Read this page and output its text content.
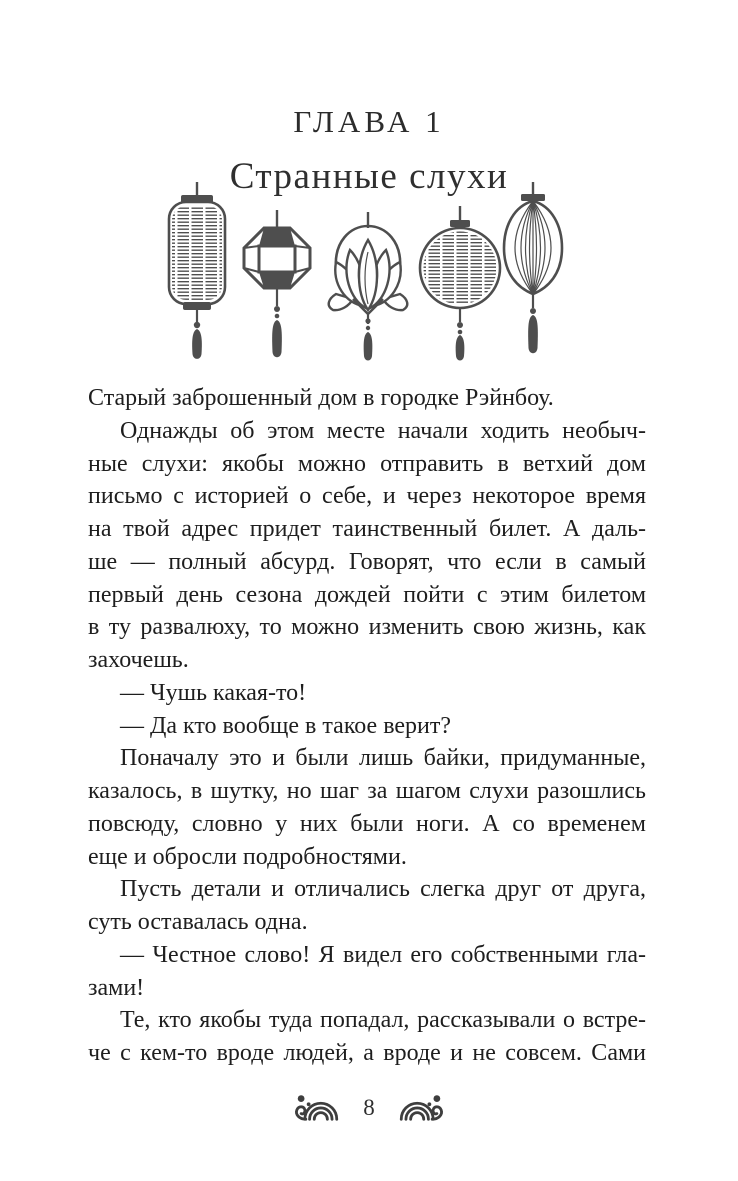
ГЛАВА 1
Странные слухи
Старый заброшенный дом в городке Рэйнбоу.
Однажды об этом месте начали ходить необыч-
ные слухи: якобы можно отправить в ветхий дом
письмо с историей о себе, и через некоторое время
на твой адрес придет таинственный билет. А даль-
ше — полный абсурд. Говорят, что если в самый
первый день сезона дождей пойти с этим билетом
в ту развалюху, то можно изменить свою жизнь, как
захочешь.
— Чушь какая-то!
— Да кто вообще в такое верит?
Поначалу это и были лишь байки, придуманные,
казалось, в шутку, но шаг за шагом слухи разошлись
повсюду, словно у них были ноги. А со временем
еще и обросли подробностями.
Пусть детали и отличались слегка друг от друга,
суть оставалась одна.
— Честное слово! Я видел его собственными гла-
зами!
Те, кто якобы туда попадал, рассказывали о встре-
че с кем-то вроде людей, а вроде и не совсем. Сами
8
